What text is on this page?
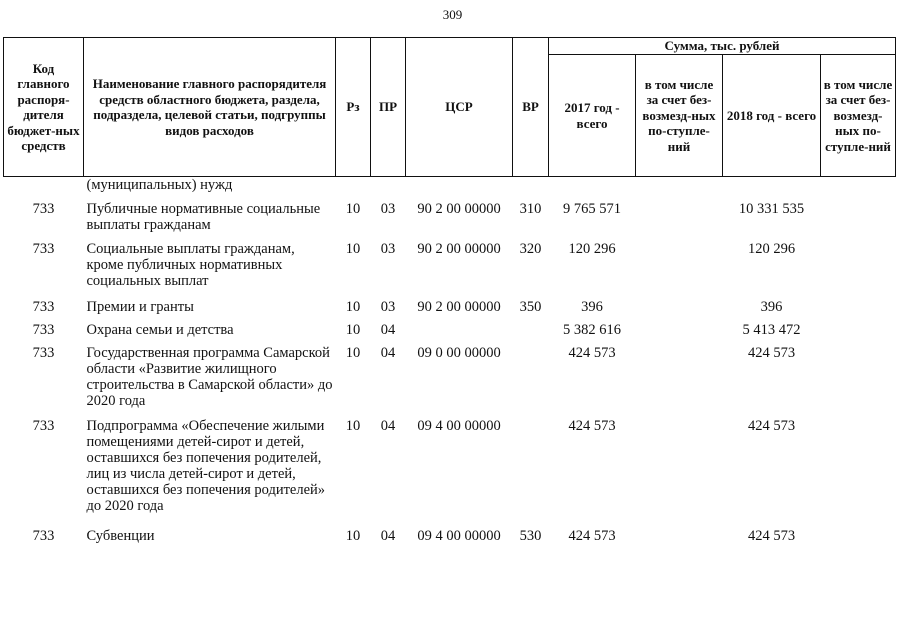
309
Код главного распоря-дителя бюджет-ных средств	Наименование главного распорядителя средств областного бюджета, раздела, подраздела, целевой статьи, подгруппы видов расходов	Рз	ПР	ЦСР	ВР	Сумма, тыс. рублей			
						2017 год - всего	в том числе за счет без-возмезд-ных по-ступле-ний	2018 год - всего	в том числе за счет без-возмезд-ных по-ступле-ний
	(муниципальных) нужд								
733	Публичные нормативные социальные выплаты гражданам	10	03	90 2 00 00000	310	9 765 571		10 331 535	
733	Социальные выплаты гражданам, кроме публичных нормативных социальных выплат	10	03	90 2 00 00000	320	120 296		120 296	
733	Премии и гранты	10	03	90 2 00 00000	350	396		396	
733	Охрана семьи и детства	10	04			5 382 616		5 413 472	
733	Государственная программа Самарской области «Развитие жилищного строительства в Самарской области» до 2020 года	10	04	09 0 00 00000		424 573		424 573	
733	Подпрограмма «Обеспечение жилыми помещениями детей-сирот и детей, оставшихся без попечения родителей, лиц из числа детей-сирот и детей, оставшихся без попечения родителей» до 2020 года	10	04	09 4 00 00000		424 573		424 573	
733	Субвенции	10	04	09 4 00 00000	530	424 573		424 573	
